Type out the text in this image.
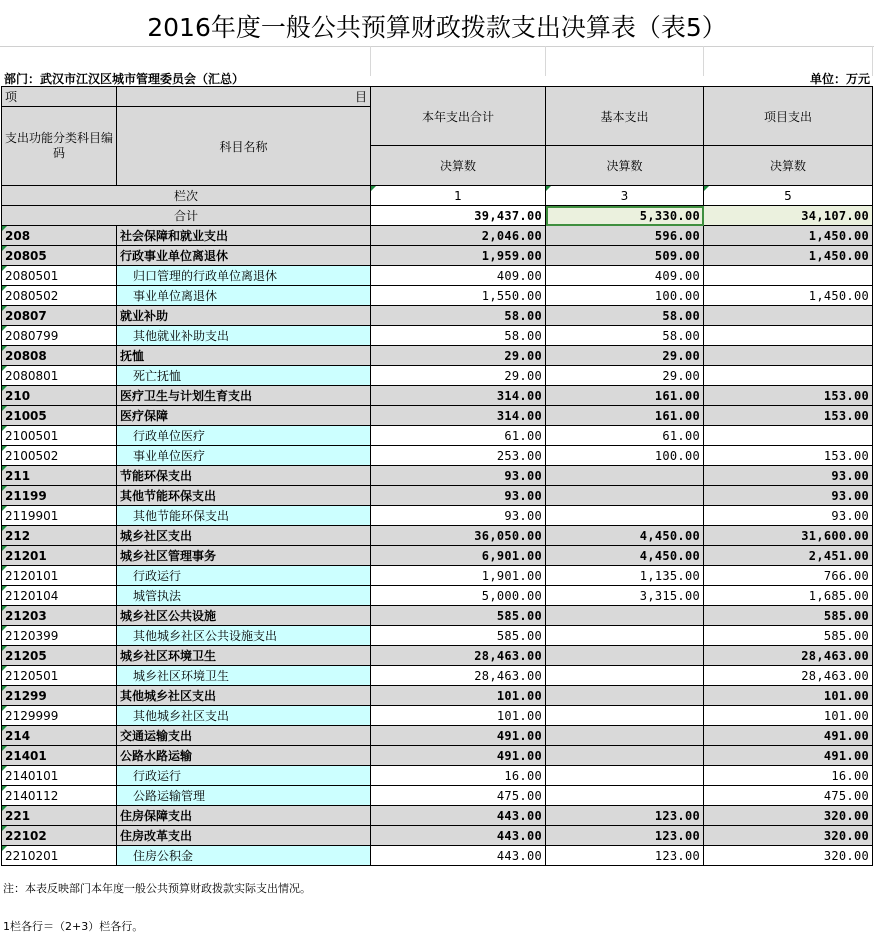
2016年度一般公共预算财政拨款支出决算表（表5）
部门：武汉市江汉区城市管理委员会（汇总）	单位：万元
项	目	本年支出合计	基本支出	项目支出
支出功能分类科目编码	科目名称			
		决算数	决算数	决算数
栏次		1	3	5
合计		39,437.00	5,330.00	34,107.00
208	社会保障和就业支出	2,046.00	596.00	1,450.00
20805	行政事业单位离退休	1,959.00	509.00	1,450.00
2080501	归口管理的行政单位离退休	409.00	409.00	
2080502	事业单位离退休	1,550.00	100.00	1,450.00
20807	就业补助	58.00	58.00	
2080799	其他就业补助支出	58.00	58.00	
20808	抚恤	29.00	29.00	
2080801	死亡抚恤	29.00	29.00	
210	医疗卫生与计划生育支出	314.00	161.00	153.00
21005	医疗保障	314.00	161.00	153.00
2100501	行政单位医疗	61.00	61.00	
2100502	事业单位医疗	253.00	100.00	153.00
211	节能环保支出	93.00		93.00
21199	其他节能环保支出	93.00		93.00
2119901	其他节能环保支出	93.00		93.00
212	城乡社区支出	36,050.00	4,450.00	31,600.00
21201	城乡社区管理事务	6,901.00	4,450.00	2,451.00
2120101	行政运行	1,901.00	1,135.00	766.00
2120104	城管执法	5,000.00	3,315.00	1,685.00
21203	城乡社区公共设施	585.00		585.00
2120399	其他城乡社区公共设施支出	585.00		585.00
21205	城乡社区环境卫生	28,463.00		28,463.00
2120501	城乡社区环境卫生	28,463.00		28,463.00
21299	其他城乡社区支出	101.00		101.00
2129999	其他城乡社区支出	101.00		101.00
214	交通运输支出	491.00		491.00
21401	公路水路运输	491.00		491.00
2140101	行政运行	16.00		16.00
2140112	公路运输管理	475.00		475.00
221	住房保障支出	443.00	123.00	320.00
22102	住房改革支出	443.00	123.00	320.00
2210201	住房公积金	443.00	123.00	320.00
注：本表反映部门本年度一般公共预算财政拨款实际支出情况。
1栏各行＝（2+3）栏各行。
